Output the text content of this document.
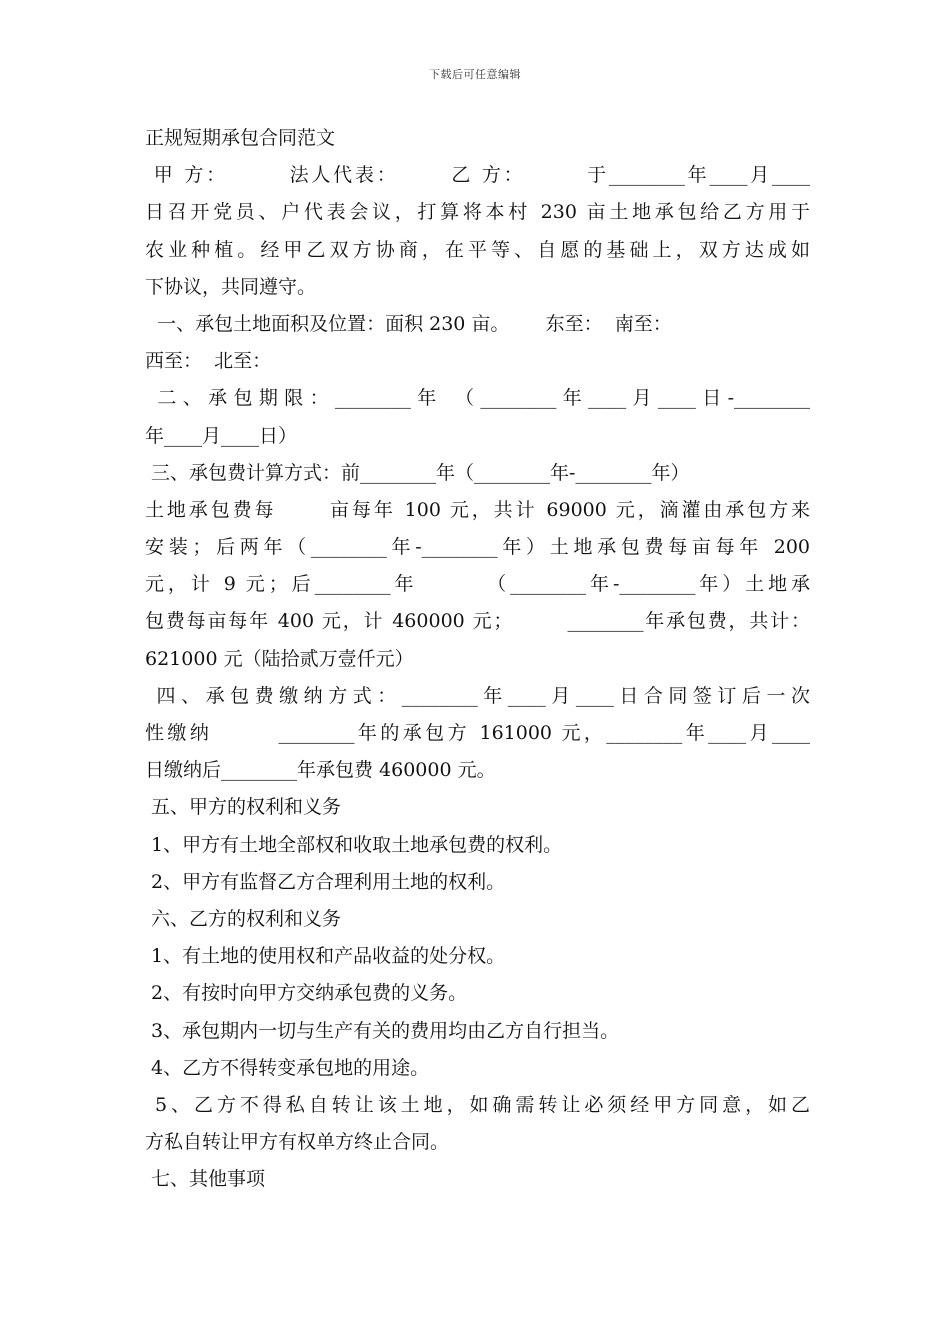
下载后可任意编辑
正规短期承包合同范文
甲 方：       法人代表：      乙 方：       于________年____月____
日召开党员、户代表会议，打算将本村 230 亩土地承包给乙方用于
农业种植。经甲乙双方协商，在平等、自愿的基础上，双方达成如
下协议，共同遵守。
一、承包土地面积及位置：面积 230 亩。      东至：  南至：
西至：  北至：
二、承包期限：________年 （________年____月____日-________
年____月____日）
三、承包费计算方式：前________年（________年-________年）
土地承包费每      亩每年 100 元，共计 69000 元，滴灌由承包方来
安装；后两年（________年-________年）土地承包费每亩每年 200
元，计 9 元；后________年       （________年-________年）土地承
包费每亩每年 400 元，计 460000 元；       ________年承包费，共计：
621000 元（陆拾贰万壹仟元）
四、承包费缴纳方式：________年____月____日合同签订后一次
性缴纳       ________年的承包方 161000 元，________年____月____
日缴纳后________年承包费 460000 元。
五、甲方的权利和义务
1、甲方有土地全部权和收取土地承包费的权利。
2、甲方有监督乙方合理利用土地的权利。
六、乙方的权利和义务
1、有土地的使用权和产品收益的处分权。
2、有按时向甲方交纳承包费的义务。
3、承包期内一切与生产有关的费用均由乙方自行担当。
4、乙方不得转变承包地的用途。
5、乙方不得私自转让该土地，如确需转让必须经甲方同意，如乙
方私自转让甲方有权单方终止合同。
七、其他事项
